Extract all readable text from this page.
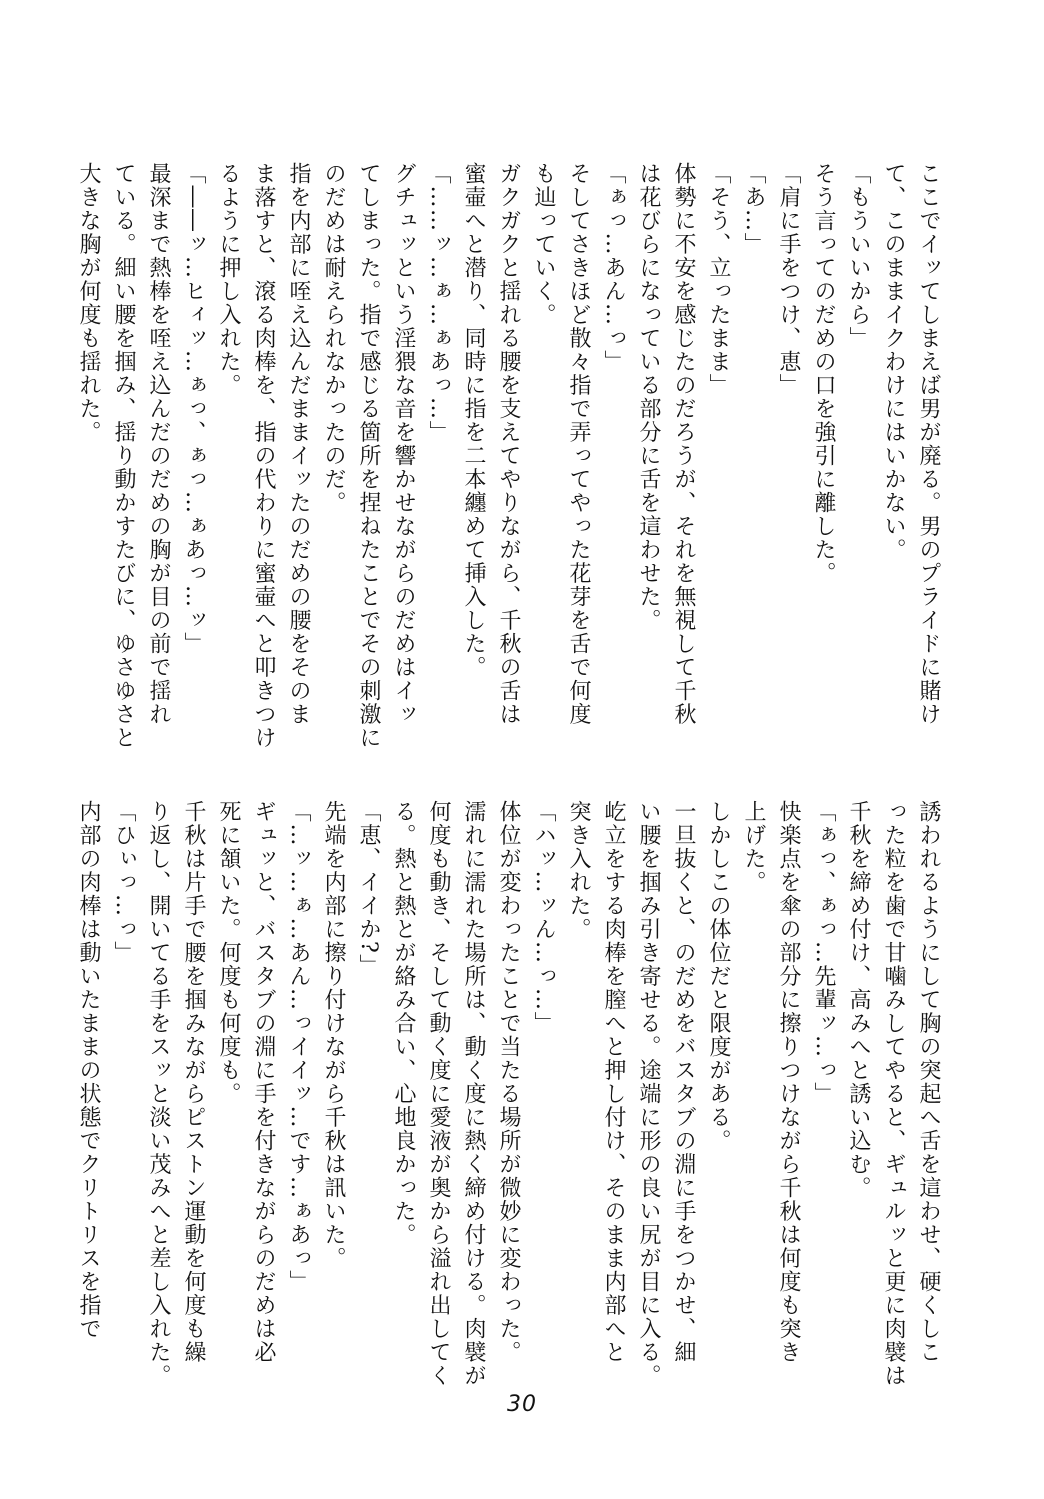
ここでイッてしまえば男が廃る。男のプライドに賭け
て、このままイクわけにはいかない。
「もういいから」
そう言ってのだめの口を強引に離した。
「肩に手をつけ、恵」
「あ…」
「そう、立ったまま」
体勢に不安を感じたのだろうが、それを無視して千秋
は花びらになっている部分に舌を這わせた。
「ぁっ…あん…っ」
そしてさきほど散々指で弄ってやった花芽を舌で何度
も辿っていく。
ガクガクと揺れる腰を支えてやりながら、千秋の舌は
蜜壷へと潜り、同時に指を二本纏めて挿入した。
「……ッ…ぁ…ぁあっ…」
グチュッという淫猥な音を響かせながらのだめはイッ
てしまった。指で感じる箇所を捏ねたことでその刺激に
のだめは耐えられなかったのだ。
指を内部に咥え込んだままイッたのだめの腰をそのま
ま落すと、滾る肉棒を、指の代わりに蜜壷へと叩きつけ
るように押し入れた。
「――ッ…ヒィッ…ぁっ、ぁっ…ぁあっ…ッ」
最深まで熱棒を咥え込んだのだめの胸が目の前で揺れ
ている。細い腰を掴み、揺り動かすたびに、ゆさゆさと
大きな胸が何度も揺れた。
誘われるようにして胸の突起へ舌を這わせ、硬くしこ
った粒を歯で甘噛みしてやると、ギュルッと更に肉襞は
千秋を締め付け、高みへと誘い込む。
「ぁっ、ぁっ…先輩ッ…っ」
快楽点を傘の部分に擦りつけながら千秋は何度も突き
上げた。
しかしこの体位だと限度がある。
一旦抜くと、のだめをバスタブの淵に手をつかせ、細
い腰を掴み引き寄せる。途端に形の良い尻が目に入る。
屹立をする肉棒を膣へと押し付け、そのまま内部へと
突き入れた。
「ハッ…ッん…っ…」
体位が変わったことで当たる場所が微妙に変わった。
濡れに濡れた場所は、動く度に熱く締め付ける。肉襞が
何度も動き、そして動く度に愛液が奥から溢れ出してく
る。熱と熱とが絡み合い、心地良かった。
「恵、イイか?」
先端を内部に擦り付けながら千秋は訊いた。
「…ッ…ぁ…あん…っイイッ…です…ぁあっ」
ギュッと、バスタブの淵に手を付きながらのだめは必
死に頷いた。何度も何度も。
千秋は片手で腰を掴みながらピストン運動を何度も繰
り返し、開いてる手をスッと淡い茂みへと差し入れた。
「ひぃっ…っ」
内部の肉棒は動いたままの状態でクリトリスを指で
30
